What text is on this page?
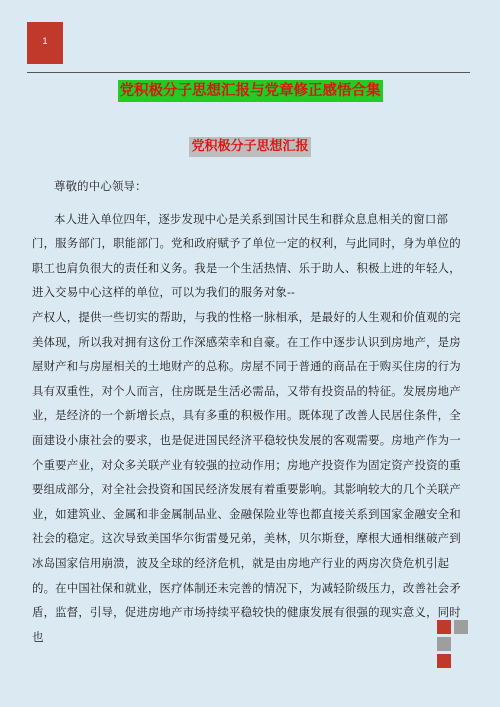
1
党积极分子思想汇报与党章修正感悟合集
党积极分子思想汇报

尊敬的中心领导：

本人进入单位四年，逐步发现中心是关系到国计民生和群众息息相关的窗口部门，服务部门，职能部门。党和政府赋予了单位一定的权利，与此同时，身为单位的职工也肩负很大的责任和义务。我是一个生活热情、乐于助人、积极上进的年轻人，进入交易中心这样的单位，可以为我们的服务对象--

产权人，提供一些切实的帮助，与我的性格一脉相承，是最好的人生观和价值观的完美体现，所以我对拥有这份工作深感荣幸和自豪。在工作中逐步认识到房地产，是房屋财产和与房屋相关的土地财产的总称。房屋不同于普通的商品在于购买住房的行为具有双重性，对个人而言，住房既是生活必需品，又带有投资品的特征。发展房地产业，是经济的一个新增长点，具有多重的积极作用。既体现了改善人民居住条件，全面建设小康社会的要求，也是促进国民经济平稳较快发展的客观需要。房地产作为一个重要产业，对众多关联产业有较强的拉动作用；房地产投资作为固定资产投资的重要组成部分，对全社会投资和国民经济发展有着重要影响。其影响较大的几个关联产业，如建筑业、金属和非金属制品业、金融保险业等也都直接关系到国家金融安全和社会的稳定。这次导致美国华尔街雷曼兄弟，美林，贝尔斯登，摩根大通相继破产到冰岛国家信用崩溃，波及全球的经济危机，就是由房地产行业的两房次贷危机引起的。在中国社保和就业，医疗体制还未完善的情况下，为减轻阶级压力，改善社会矛盾，监督，引导，促进房地产市场持续平稳较快的健康发展有很强的现实意义，同时也
